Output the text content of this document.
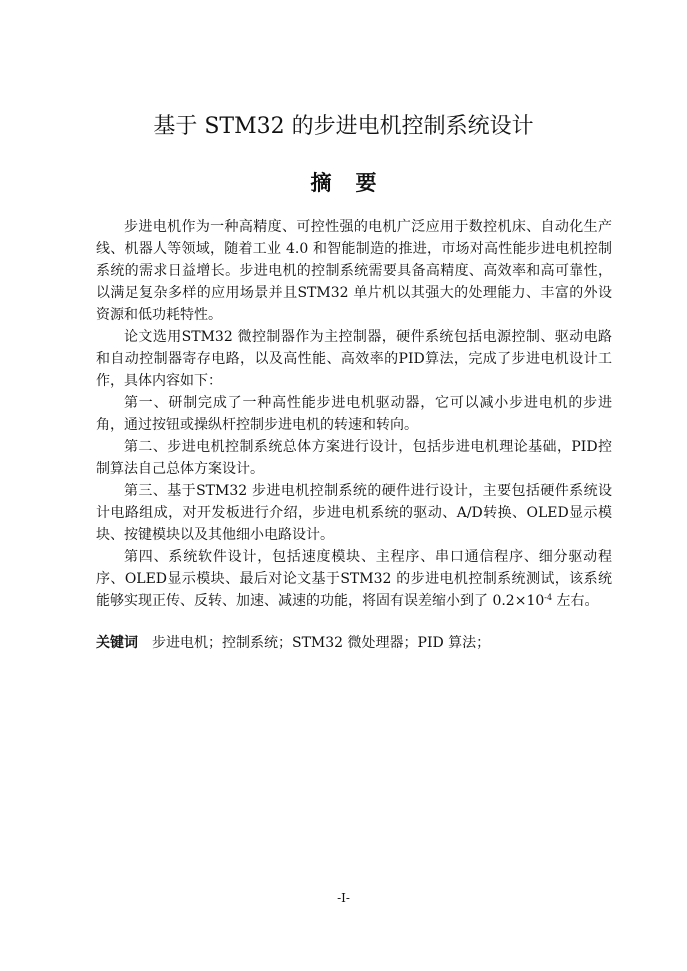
基于 STM32 的步进电机控制系统设计
摘要

步进电机作为一种高精度、可控性强的电机广泛应用于数控机床、自动化生产线、机器人等领域，随着工业 4.0 和智能制造的推进，市场对高性能步进电机控制系统的需求日益增长。步进电机的控制系统需要具备高精度、高效率和高可靠性，以满足复杂多样的应用场景并且STM32 单片机以其强大的处理能力、丰富的外设资源和低功耗特性。

论文选用STM32 微控制器作为主控制器，硬件系统包括电源控制、驱动电路和自动控制器寄存电路，以及高性能、高效率的PID算法，完成了步进电机设计工作，具体内容如下：

第一、研制完成了一种高性能步进电机驱动器，它可以减小步进电机的步进角，通过按钮或操纵杆控制步进电机的转速和转向。

第二、步进电机控制系统总体方案进行设计，包括步进电机理论基础，PID控制算法自己总体方案设计。

第三、基于STM32 步进电机控制系统的硬件进行设计，主要包括硬件系统设计电路组成，对开发板进行介绍，步进电机系统的驱动、A/D转换、OLED显示模块、按键模块以及其他细小电路设计。

第四、系统软件设计，包括速度模块、主程序、串口通信程序、细分驱动程序、OLED显示模块、最后对论文基于STM32 的步进电机控制系统测试，该系统能够实现正传、反转、加速、减速的功能，将固有误差缩小到了 $0.2\times 10^{-4}$ 左右。

关键词 步进电机；控制系统；STM32 微处理器；PID 算法；
-I-
